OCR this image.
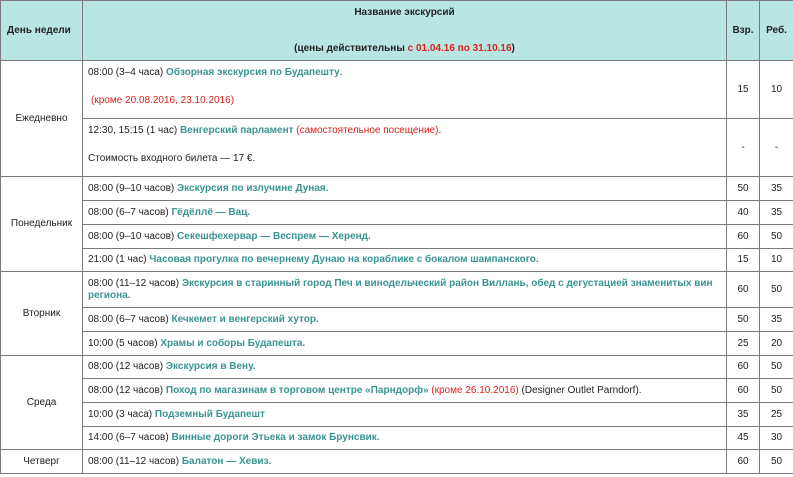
День недели	Название экскурсий
(цены действительны с 01.04.16 по 31.10.16)	Взр.	Реб.
Ежедневно	08:00 (3–4 часа) Обзорная экскурсия по Будапешту.
(кроме 20.08.2016, 23.10.2016)	15	10

	12:30, 15:15 (1 час) Венгерский парламент (самостоятельное посещение).
Стоимость входного билета — 17 €.	-	-
Понедельник	08:00 (9–10 часов) Экскурсия по излучине Дуная.	50	35
	08:00 (6–7 часов) Гёдёллё — Вац.	40	35
	08:00 (9–10 часов) Секешфехервар — Веспрем — Херенд.	60	50
	21:00 (1 час) Часовая прогулка по вечернему Дунаю на кораблике с бокалом шампанского.	15	10
Вторник	08:00 (11–12 часов) Экскурсия в старинный город Печ и винодельческий район Виллань, обед с дегустацией знаменитых вин региона.	60	50
	08:00 (6–7 часов) Кечкемет и венгерский хутор.	50	35
	10:00 (5 часов) Храмы и соборы Будапешта.	25	20
Среда	08:00 (12 часов) Экскурсия в Вену.	60	50
	08:00 (12 часов) Поход по магазинам в торговом центре «Парндорф» (кроме 26.10.2016) (Designer Outlet Parndorf).	60	50
	10:00 (3 часа) Подземный Будапешт	35	25
	14:00 (6–7 часов) Винные дороги Этьека и замок Брунсвик.	45	30
Четверг	08:00 (11–12 часов) Балатон — Хевиз.	60	50
